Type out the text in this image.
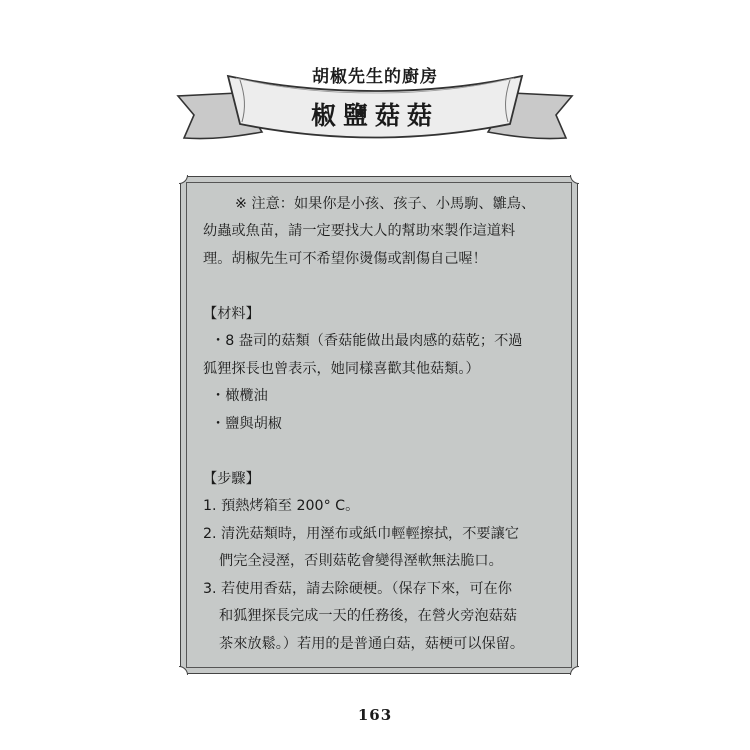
胡椒先生的廚房
椒鹽菇菇
※ 注意：如果你是小孩、孩子、小馬駒、雛鳥、
幼蟲或魚苗，請一定要找大人的幫助來製作這道料
理。胡椒先生可不希望你燙傷或割傷自己喔！
【材料】
・8 盎司的菇類（香菇能做出最肉感的菇乾；不過
狐狸探長也曾表示，她同樣喜歡其他菇類。）
・橄欖油
・鹽與胡椒
【步驟】
1. 預熱烤箱至 200° C。
2. 清洗菇類時，用溼布或紙巾輕輕擦拭，不要讓它
們完全浸溼，否則菇乾會變得溼軟無法脆口。
3. 若使用香菇，請去除硬梗。（保存下來，可在你
和狐狸探長完成一天的任務後，在營火旁泡菇菇
茶來放鬆。）若用的是普通白菇，菇梗可以保留。
163
